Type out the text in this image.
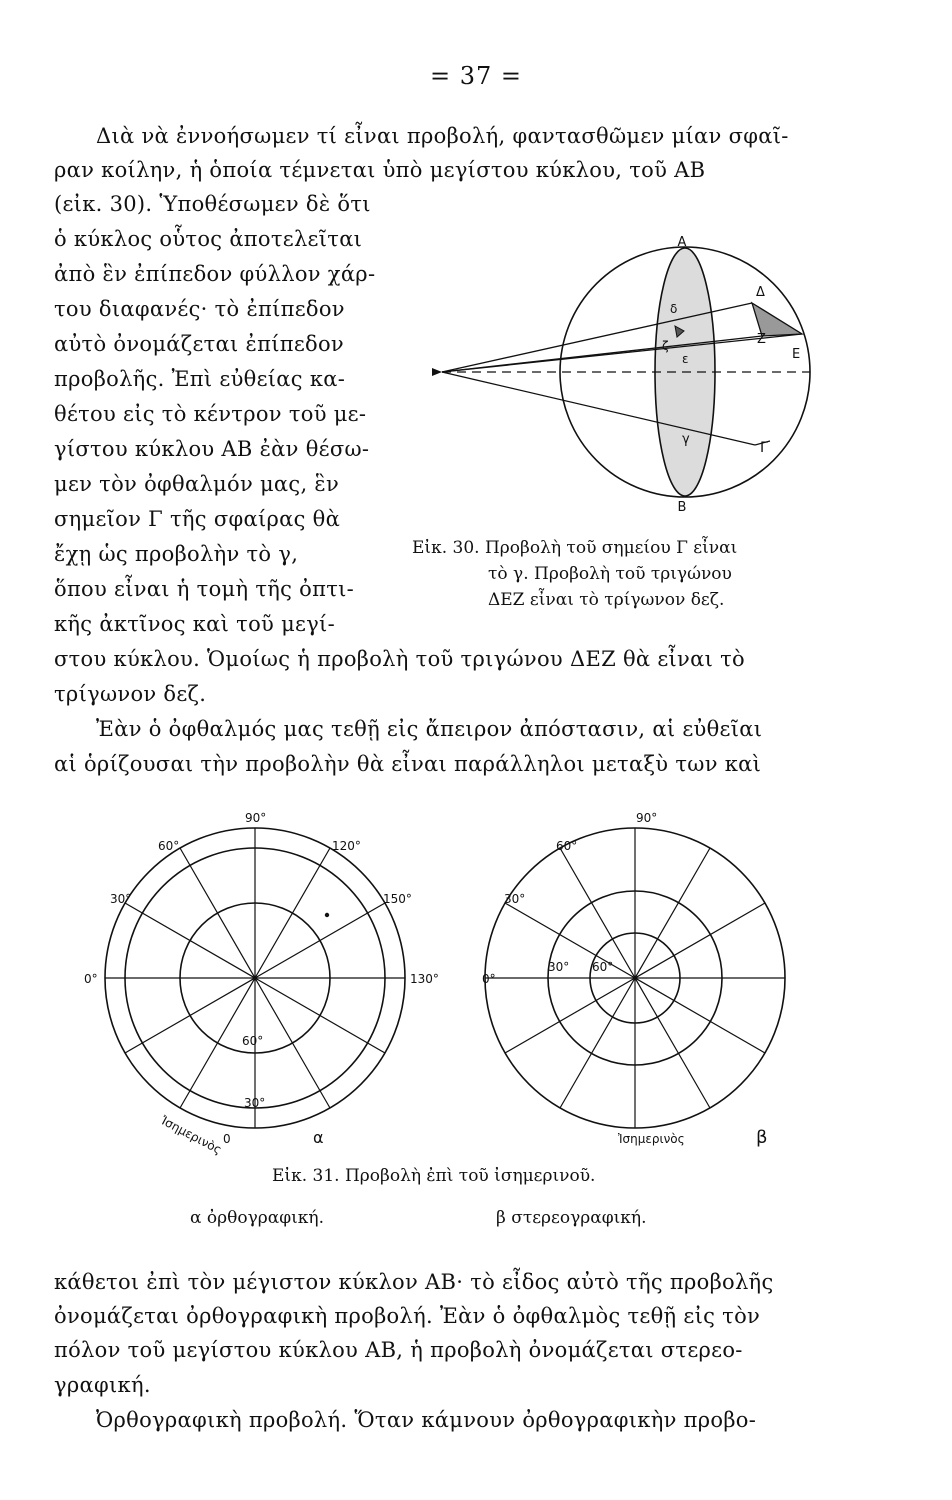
= 37 =
Διὰ νὰ ἐννοήσωμεν τί εἶναι προβολή, φαντασθῶμεν μίαν σφαῖ-
ραν κοίλην, ἡ ὁποία τέμνεται ὑπὸ μεγίστου κύκλου, τοῦ AB
(εἰκ. 30). Ὑποθέσωμεν δὲ ὅτι
ὁ κύκλος οὗτος ἀποτελεῖται
ἀπὸ ἓν ἐπίπεδον φύλλον χάρ-
του διαφανές· τὸ ἐπίπεδον
αὐτὸ ὀνομάζεται ἐπίπεδον
προβολῆς. Ἐπὶ εὐθείας κα-
θέτου εἰς τὸ κέντρον τοῦ με-
γίστου κύκλου AB ἐὰν θέσω-
μεν τὸν ὀφθαλμόν μας, ἓν
σημεῖον Γ τῆς σφαίρας θὰ
ἔχῃ ὡς προβολὴν τὸ γ,
ὅπου εἶναι ἡ τομὴ τῆς ὀπτι-
κῆς ἀκτῖνος καὶ τοῦ μεγί-
στου κύκλου. Ὁμοίως ἡ προβολὴ τοῦ τριγώνου ΔΕΖ θὰ εἶναι τὸ
τρίγωνον δεζ.
A
B
Γ
Δ
E
Z
δ
ε
ζ
γ
Εἰκ. 30. Προβολὴ τοῦ σημείου Γ εἶναι
τὸ γ. Προβολὴ τοῦ τριγώνου
ΔΕΖ εἶναι τὸ τρίγωνον δεζ.
Ἐὰν ὁ ὀφθαλμός μας τεθῇ εἰς ἄπειρον ἀπόστασιν, αἱ εὐθεῖαι
αἱ ὁρίζουσαι τὴν προβολὴν θὰ εἶναι παράλληλοι μεταξὺ των καὶ
90°
60°	120°
30°	150°
0°	130°
60°
30°
Ἰσημερινὸς
0	α
90°
60°
30°
0°
30° 60°
Ἰσημερινὸς	β
Εἰκ. 31. Προβολὴ ἐπὶ τοῦ ἰσημερινοῦ.
α ὀρθογραφική.	β στερεογραφική.
κάθετοι ἐπὶ τὸν μέγιστον κύκλον AB· τὸ εἶδος αὐτὸ τῆς προβολῆς
ὀνομάζεται ὀρθογραφικὴ προβολή. Ἐὰν ὁ ὀφθαλμὸς τεθῇ εἰς τὸν
πόλον τοῦ μεγίστου κύκλου AB, ἡ προβολὴ ὀνομάζεται στερεο-
γραφική.
Ὀρθογραφικὴ προβολή. Ὅταν κάμνουν ὀρθογραφικὴν προβο-
